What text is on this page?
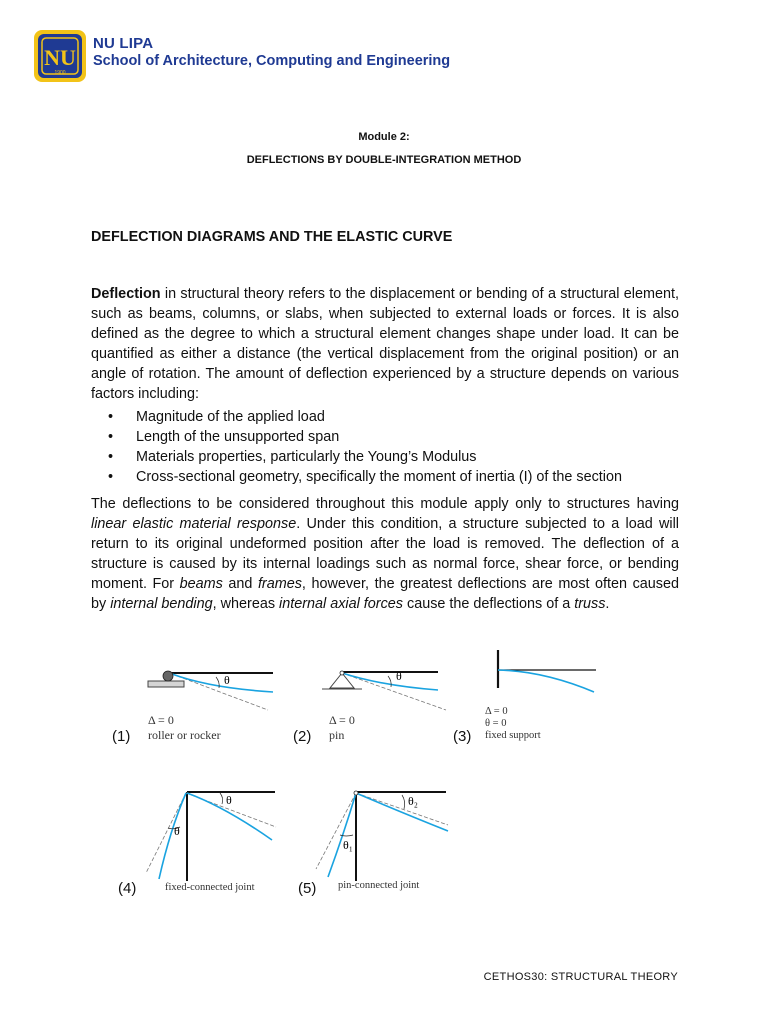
NU
1900
NU LIPA
School of Architecture, Computing and Engineering
Module 2:
DEFLECTIONS BY DOUBLE-INTEGRATION METHOD
DEFLECTION DIAGRAMS AND THE ELASTIC CURVE

Deflection in structural theory refers to the displacement or bending of a structural element, such as beams, columns, or slabs, when subjected to external loads or forces. It is also defined as the degree to which a structural element changes shape under load. It can be quantified as either a distance (the vertical displacement from the original position) or an angle of rotation. The amount of deflection experienced by a structure depends on various factors including:

• Magnitude of the applied load
• Length of the unsupported span
• Materials properties, particularly the Young’s Modulus
• Cross-sectional geometry, specifically the moment of inertia (I) of the section

The deflections to be considered throughout this module apply only to structures having linear elastic material response. Under this condition, a structure subjected to a load will return to its original undeformed position after the load is removed. The deflection of a structure is caused by its internal loadings such as normal force, shear force, or bending moment. For beams and frames, however, the greatest deflections are most often caused by internal bending, whereas internal axial forces cause the deflections of a truss.

θ
Δ = 0
(1) roller or rocker
θ
Δ = 0
(2) pin
Δ = 0
θ = 0
(3) fixed support
θ
θ
(4)	fixed-connected joint
θ₂
θ₁
(5) pin-connected joint
CETHOS30: STRUCTURAL THEORY
